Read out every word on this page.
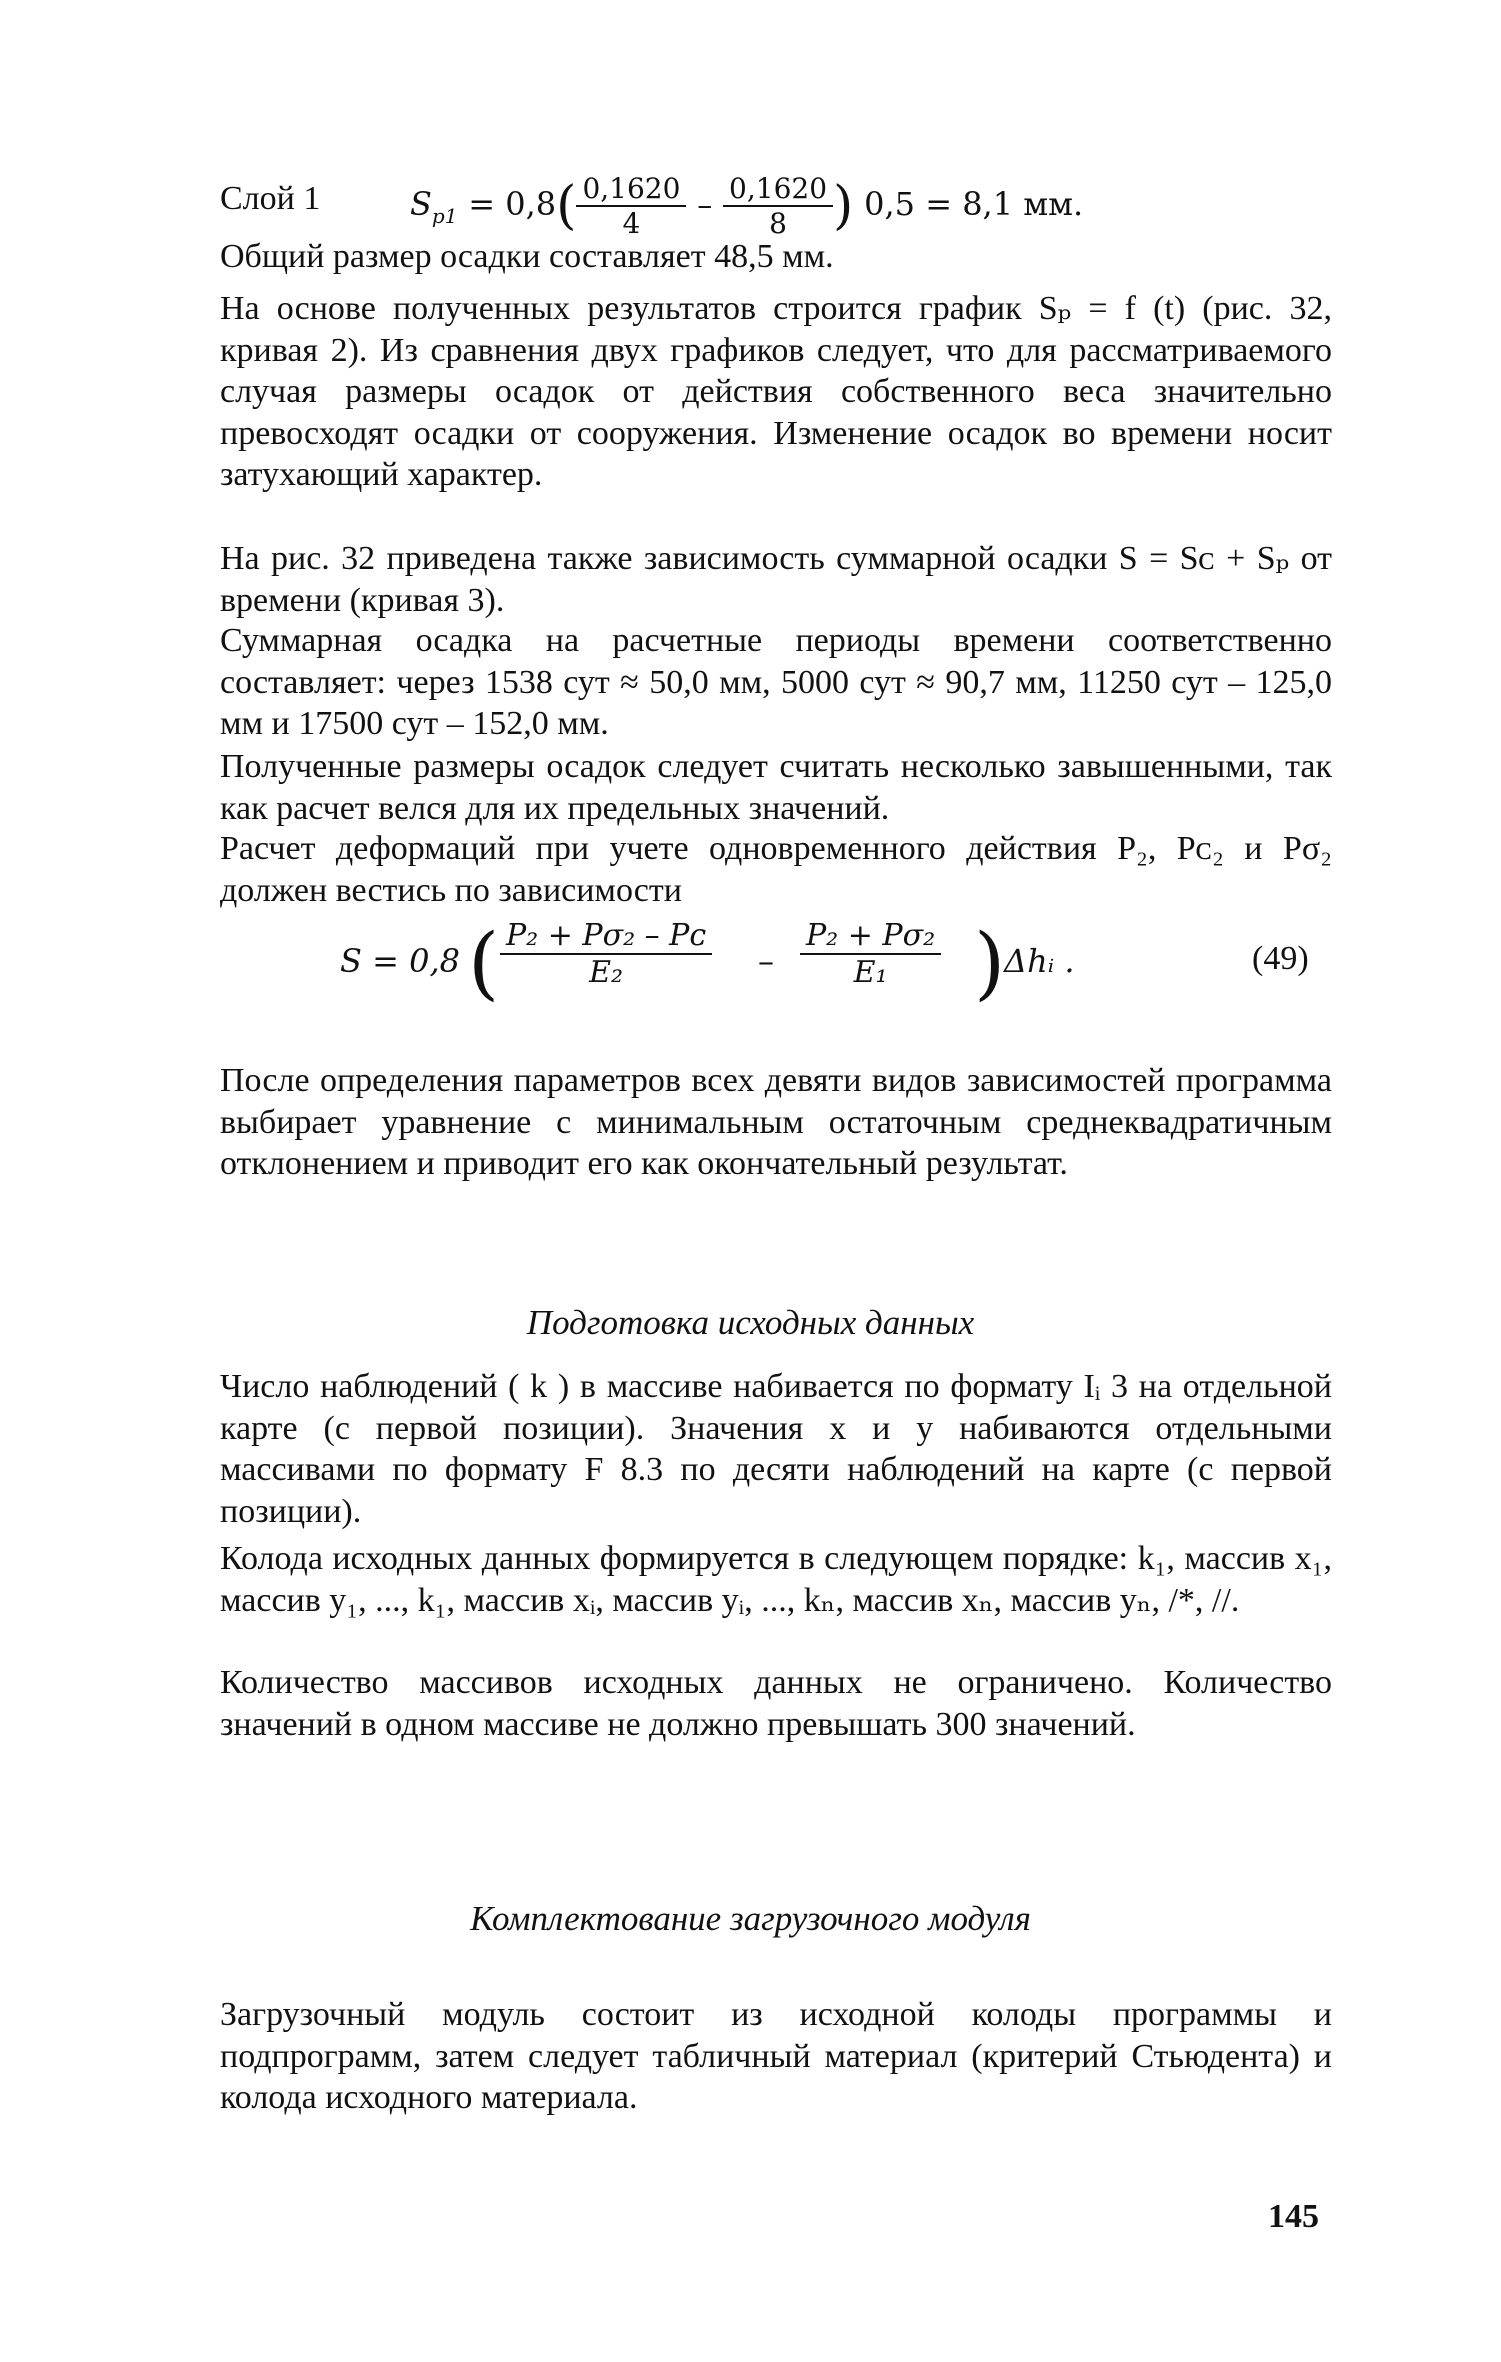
Слой 1	$S_{p1} = 0,8( \frac{0,1620}{4} - \frac{0,1620}{8}$ ) 0,5 = 8,1 мм.

Общий размер осадки составляет 48,5 мм.

На основе полученных результатов строится график Sₚ = f (t) (рис. 32, кривая 2). Из сравнения двух графиков следует, что для рассматриваемого случая размеры осадок от действия собственного веса значительно превосходят осадки от сооружения. Изменение осадок во времени носит затухающий характер.

На рис. 32 приведена также зависимость суммарной осадки S = Sᴄ + Sₚ от времени (кривая 3).

Суммарная осадка на расчетные периоды времени соответственно составляет: через 1538 сут ≈ 50,0 мм, 5000 сут ≈ 90,7 мм, 11250 сут – 125,0 мм и 17500 сут – 152,0 мм.

Полученные размеры осадок следует считать несколько завышенными, так как расчет велся для их предельных значений.

Расчет деформаций при учете одновременного действия P₂, Pᴄ₂ и Pσ₂ должен вестись по зависимости

S = 0,8 ( $\frac{\text{P₂ + Pσ₂ – Pᴄ}}{\text{E₂}} - \frac{\text{P₂ + Pσ₂}}{\text{E₁}}$ )
Δhᵢ .	(49)

После определения параметров всех девяти видов зависимостей программа выбирает уравнение с минимальным остаточным среднеквадратичным отклонением и приводит его как окончательный результат.

Подготовка исходных данных

Число наблюдений ( k ) в массиве набивается по формату Iᵢ 3 на отдельной карте (с первой позиции). Значения x и y набиваются отдельными массивами по формату F 8.3 по десяти наблюдений на карте (с первой позиции).

Колода исходных данных формируется в следующем порядке: k₁, массив x₁, массив y₁, ..., k₁, массив xᵢ, массив yᵢ, ..., kₙ, массив xₙ, массив yₙ, /*, //.

Количество массивов исходных данных не ограничено. Количество значений в одном массиве не должно превышать 300 значений.

Комплектование загрузочного модуля

Загрузочный модуль состоит из исходной колоды программы и подпрограмм, затем следует табличный материал (критерий Стьюдента) и колода исходного материала.

145
